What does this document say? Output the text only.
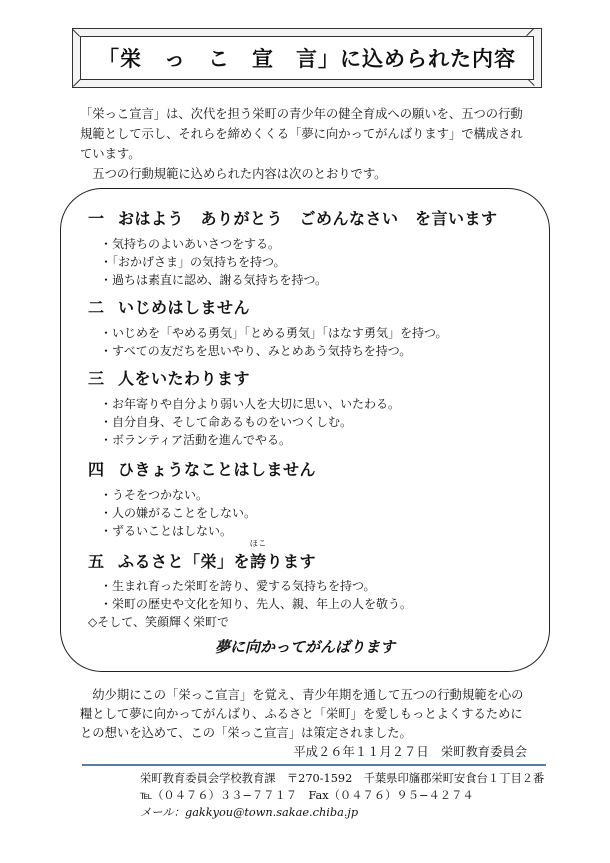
「栄　っ　こ　宣　言」に込められた内容

「栄っこ宣言」は、次代を担う栄町の青少年の健全育成への願いを、五つの行動

規範として示し、それらを締めくくる「夢に向かってがんばります」で構成され

ています。

五つの行動規範に込められた内容は次のとおりです。

一 おはよう　ありがとう　ごめんなさい　を言います
・気持ちのよいあいさつをする。
・「おかげさま」の気持ちを持つ。
・過ちは素直に認め、謝る気持ちを持つ。
二 いじめはしません
・いじめを「やめる勇気」「とめる勇気」「はなす勇気」を持つ。
・すべての友だちを思いやり、みとめあう気持ちを持つ。
三 人をいたわります
・お年寄りや自分より弱い人を大切に思い、いたわる。
・自分自身、そして命あるものをいつくしむ。
・ボランティア活動を進んでやる。
四 ひきょうなことはしません
・うそをつかない。
・人の嫌がることをしない。
・ずるいことはしない。
五 ふるさと「栄」を
ほこ
誇ります
・生まれ育った栄町を誇り、愛する気持ちを持つ。
・栄町の歴史や文化を知り、先人、親、年上の人を敬う。
◇そして、笑顔輝く栄町で
夢に向かってがんばります

幼少期にこの「栄っこ宣言」を覚え、青少年期を通して五つの行動規範を心の

糧として夢に向かってがんばり、ふるさと「栄町」を愛しもっとよくするために

との想いを込めて、この「栄っこ宣言」は策定されました。

平成２６年１１月２７日　栄町教育委員会

栄町教育委員会学校教育課　〒270-1592　千葉県印旛郡栄町安食台１丁目２番
℡（０４７６）３３−７７１７　Fax（０４７６）９５−４２７４
メール：gakkyou@town.sakae.chiba.jp
